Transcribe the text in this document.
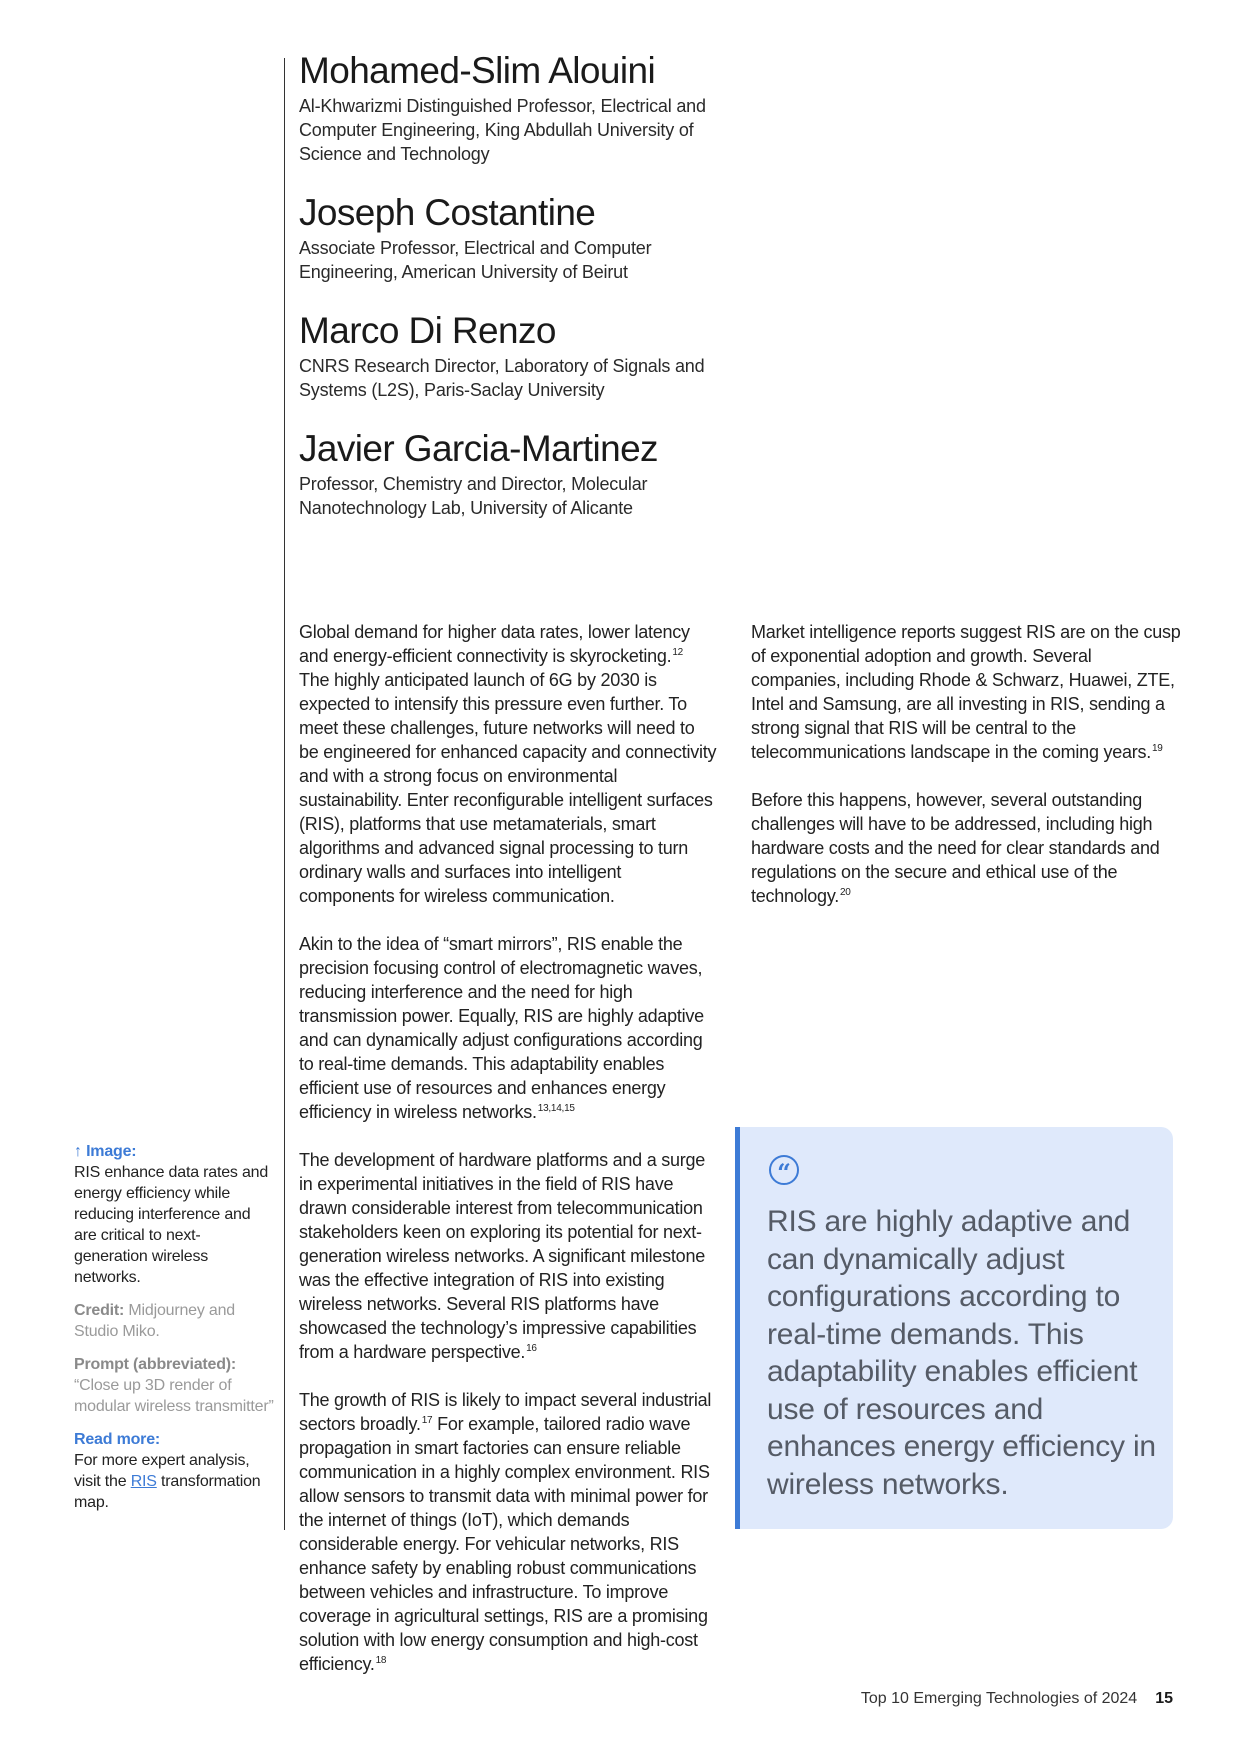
Mohamed-Slim Alouini
Al-Khwarizmi Distinguished Professor, Electrical and Computer Engineering, King Abdullah University of Science and Technology
Joseph Costantine
Associate Professor, Electrical and Computer Engineering, American University of Beirut
Marco Di Renzo
CNRS Research Director, Laboratory of Signals and Systems (L2S), Paris-Saclay University
Javier Garcia-Martinez
Professor, Chemistry and Director, Molecular Nanotechnology Lab, University of Alicante

Global demand for higher data rates, lower latency and energy-efficient connectivity is skyrocketing.$^{12}$ The highly anticipated launch of 6G by 2030 is expected to intensify this pressure even further. To meet these challenges, future networks will need to be engineered for enhanced capacity and connectivity and with a strong focus on environmental sustainability. Enter reconfigurable intelligent surfaces (RIS), platforms that use metamaterials, smart algorithms and advanced signal processing to turn ordinary walls and surfaces into intelligent components for wireless communication.

Akin to the idea of “smart mirrors”, RIS enable the precision focusing control of electromagnetic waves, reducing interference and the need for high transmission power. Equally, RIS are highly adaptive and can dynamically adjust configurations according to real-time demands. This adaptability enables efficient use of resources and enhances energy efficiency in wireless networks.$^{13,14,15}$

The development of hardware platforms and a surge in experimental initiatives in the field of RIS have drawn considerable interest from telecommunication stakeholders keen on exploring its potential for next-generation wireless networks. A significant milestone was the effective integration of RIS into existing wireless networks. Several RIS platforms have showcased the technology’s impressive capabilities from a hardware perspective.$^{16}$

The growth of RIS is likely to impact several industrial sectors broadly.$^{17}$ For example, tailored radio wave propagation in smart factories can ensure reliable communication in a highly complex environment. RIS allow sensors to transmit data with minimal power for the internet of things (IoT), which demands considerable energy. For vehicular networks, RIS enhance safety by enabling robust communications between vehicles and infrastructure. To improve coverage in agricultural settings, RIS are a promising solution with low energy consumption and high-cost efficiency.$^{18}$

Market intelligence reports suggest RIS are on the cusp of exponential adoption and growth. Several companies, including Rhode & Schwarz, Huawei, ZTE, Intel and Samsung, are all investing in RIS, sending a strong signal that RIS will be central to the telecommunications landscape in the coming years.$^{19}$

Before this happens, however, several outstanding challenges will have to be addressed, including high hardware costs and the need for clear standards and regulations on the secure and ethical use of the technology.$^{20}$

“
RIS are highly adaptive and can dynamically adjust configurations according to real-time demands. This adaptability enables efficient use of resources and enhances energy efficiency in wireless networks.
↑ Image:
RIS enhance data rates and energy efficiency while reducing interference and are critical to next-generation wireless networks.
Credit: Midjourney and Studio Miko.
Prompt (abbreviated):
“Close up 3D render of modular wireless transmitter”
Read more:
For more expert analysis, visit the RIS transformation map.
Top 10 Emerging Technologies of 2024 15
